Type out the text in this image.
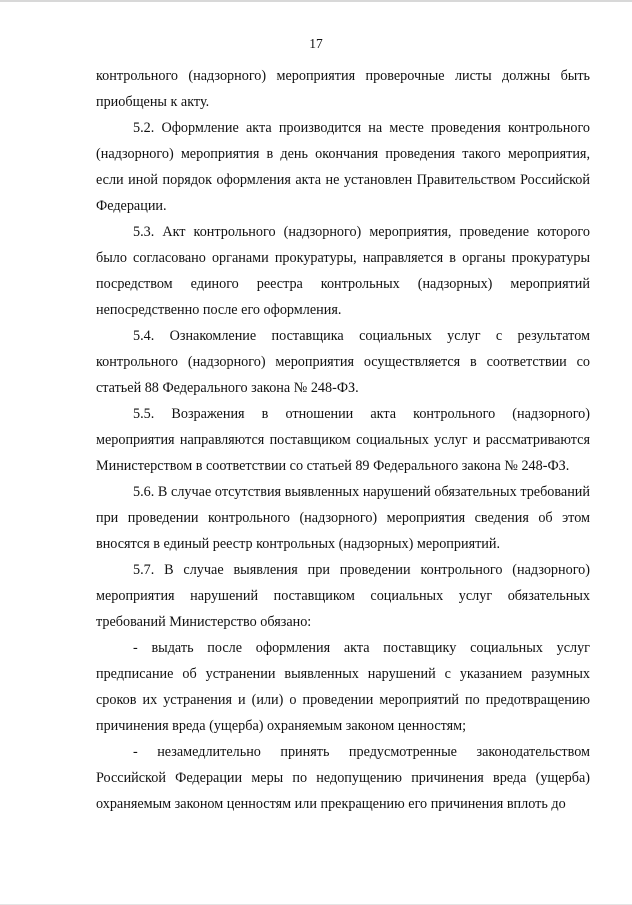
17

контрольного (надзорного) мероприятия проверочные листы должны быть приобщены к акту.

5.2. Оформление акта производится на месте проведения контрольного (надзорного) мероприятия в день окончания проведения такого мероприятия, если иной порядок оформления акта не установлен Правительством Российской Федерации.

5.3. Акт контрольного (надзорного) мероприятия, проведение которого было согласовано органами прокуратуры, направляется в органы прокуратуры посредством единого реестра контрольных (надзорных) мероприятий непосредственно после его оформления.

5.4. Ознакомление поставщика социальных услуг с результатом контрольного (надзорного) мероприятия осуществляется в соответствии со статьей 88 Федерального закона № 248-ФЗ.

5.5. Возражения в отношении акта контрольного (надзорного) мероприятия направляются поставщиком социальных услуг и рассматриваются Министерством в соответствии со статьей 89 Федерального закона № 248-ФЗ.

5.6. В случае отсутствия выявленных нарушений обязательных требований при проведении контрольного (надзорного) мероприятия сведения об этом вносятся в единый реестр контрольных (надзорных) мероприятий.

5.7. В случае выявления при проведении контрольного (надзорного) мероприятия нарушений поставщиком социальных услуг обязательных требований Министерство обязано:

- выдать после оформления акта поставщику социальных услуг предписание об устранении выявленных нарушений с указанием разумных сроков их устранения и (или) о проведении мероприятий по предотвращению причинения вреда (ущерба) охраняемым законом ценностям;

- незамедлительно принять предусмотренные законодательством Российской Федерации меры по недопущению причинения вреда (ущерба) охраняемым законом ценностям или прекращению его причинения вплоть до
